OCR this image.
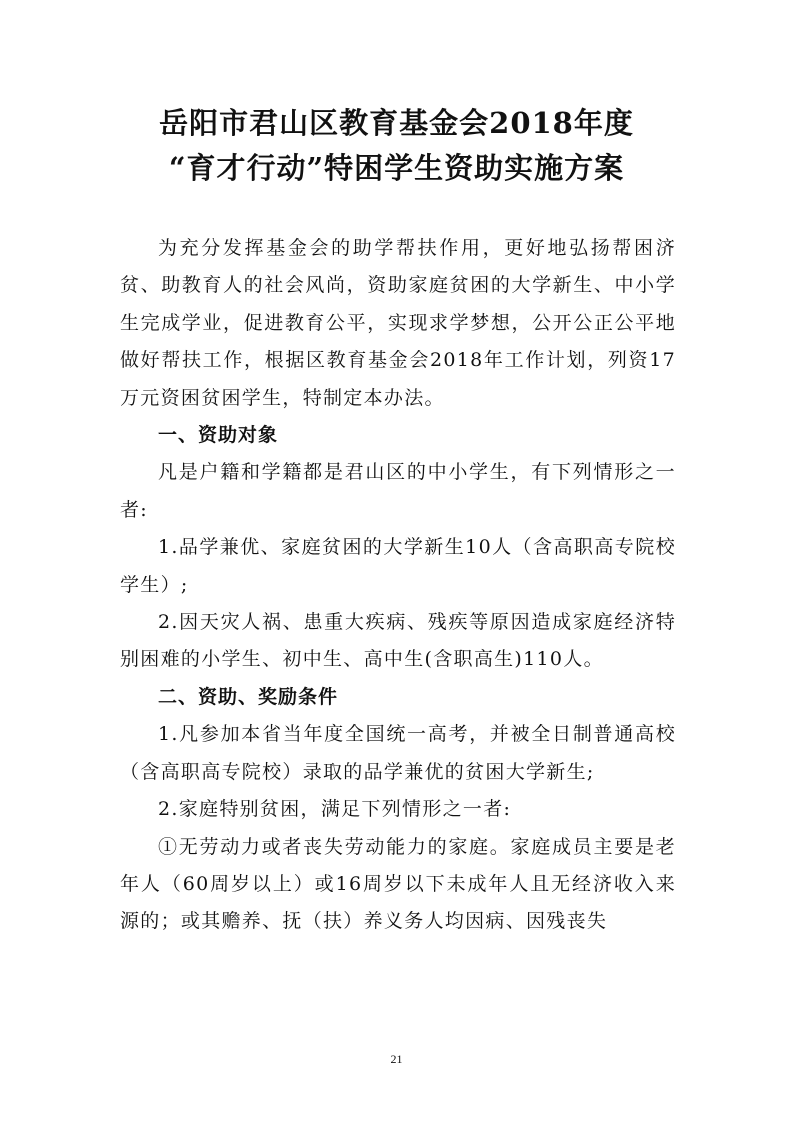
岳阳市君山区教育基金会2018年度
“育才行动”特困学生资助实施方案

为充分发挥基金会的助学帮扶作用，更好地弘扬帮困济贫、助教育人的社会风尚，资助家庭贫困的大学新生、中小学生完成学业，促进教育公平，实现求学梦想，公开公正公平地做好帮扶工作，根据区教育基金会2018年工作计划，列资17万元资困贫困学生，特制定本办法。

一、资助对象

凡是户籍和学籍都是君山区的中小学生，有下列情形之一者:

1.品学兼优、家庭贫困的大学新生10人（含高职高专院校学生）;

2.因天灾人祸、患重大疾病、残疾等原因造成家庭经济特别困难的小学生、初中生、高中生(含职高生)110人。

二、资助、奖励条件

1.凡参加本省当年度全国统一高考，并被全日制普通高校（含高职高专院校）录取的品学兼优的贫困大学新生;

2.家庭特别贫困，满足下列情形之一者:

①无劳动力或者丧失劳动能力的家庭。家庭成员主要是老年人（60周岁以上）或16周岁以下未成年人且无经济收入来源的；或其赡养、抚（扶）养义务人均因病、因残丧失

21
